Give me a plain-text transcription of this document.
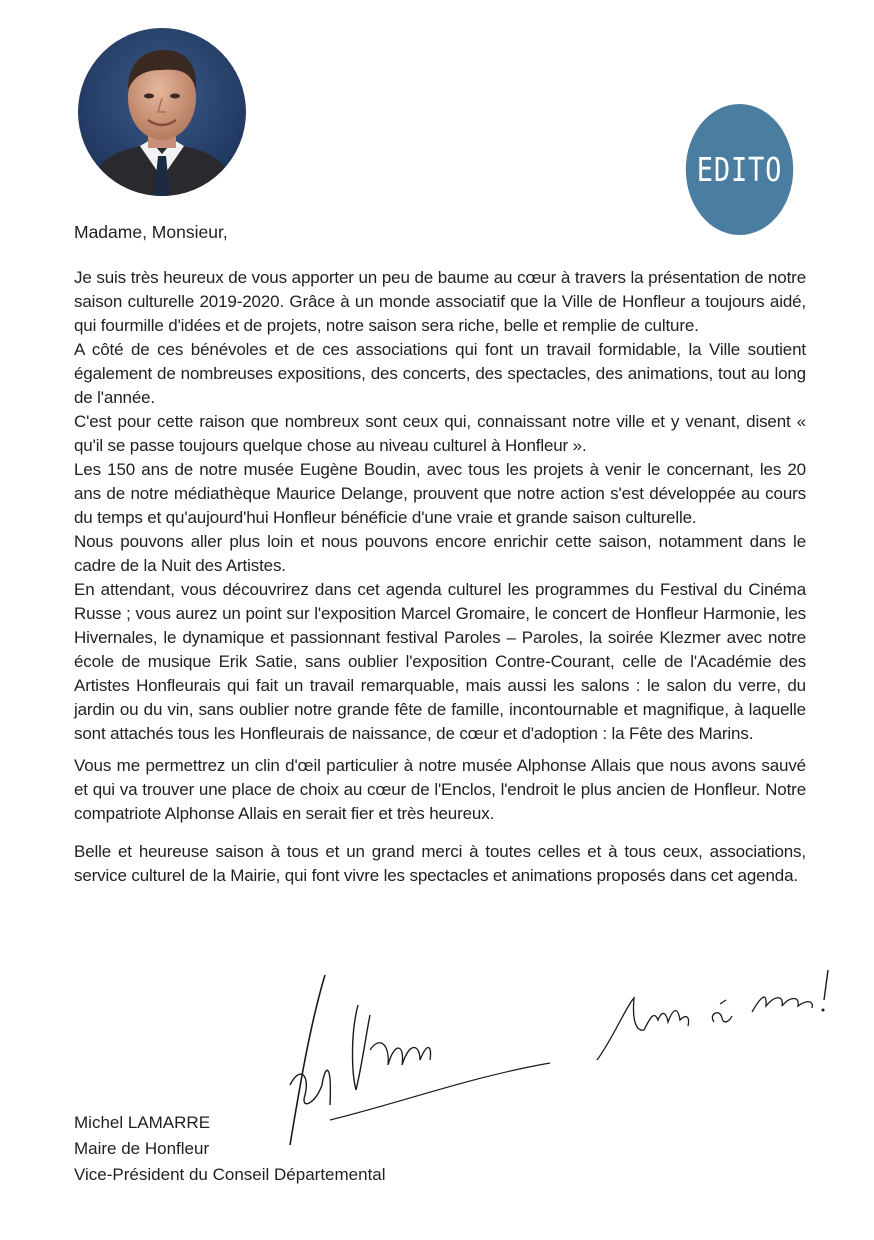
EDITO

Madame, Monsieur,

Je suis très heureux de vous apporter un peu de baume au cœur à travers la présentation de notre saison culturelle 2019-2020. Grâce à un monde associatif que la Ville de Honfleur a toujours aidé, qui fourmille d'idées et de projets, notre saison sera riche, belle et remplie de culture.

A côté de ces bénévoles et de ces associations qui font un travail formidable, la Ville soutient également de nombreuses expositions, des concerts, des spectacles, des animations, tout au long de l'année.

C'est pour cette raison que nombreux sont ceux qui, connaissant notre ville et y venant, disent « qu'il se passe toujours quelque chose au niveau culturel à Honfleur ».

Les 150 ans de notre musée Eugène Boudin, avec tous les projets à venir le concernant, les 20 ans de notre médiathèque Maurice Delange, prouvent que notre action s'est développée au cours du temps et qu'aujourd'hui Honfleur bénéficie d'une vraie et grande saison culturelle.

Nous pouvons aller plus loin et nous pouvons encore enrichir cette saison, notamment dans le cadre de la Nuit des Artistes.

En attendant, vous découvrirez dans cet agenda culturel les programmes du Festival du Cinéma Russe ; vous aurez un point sur l'exposition Marcel Gromaire, le concert de Honfleur Harmonie, les Hivernales, le dynamique et passionnant festival Paroles – Paroles, la soirée Klezmer avec notre école de musique Erik Satie, sans oublier l'exposition Contre-Courant, celle de l'Académie des Artistes Honfleurais qui fait un travail remarquable, mais aussi les salons : le salon du verre, du jardin ou du vin, sans oublier notre grande fête de famille, incontournable et magnifique, à laquelle sont attachés tous les Honfleurais de naissance, de cœur et d'adoption : la Fête des Marins.

Vous me permettrez un clin d'œil particulier à notre musée Alphonse Allais que nous avons sauvé et qui va trouver une place de choix au cœur de l'Enclos, l'endroit le plus ancien de Honfleur. Notre compatriote Alphonse Allais en serait fier et très heureux.

Belle et heureuse saison à tous et un grand merci à toutes celles et à tous ceux, associations, service culturel de la Mairie, qui font vivre les spectacles et animations proposés dans cet agenda.

Michel LAMARRE
Maire de Honfleur
Vice-Président du Conseil Départemental
